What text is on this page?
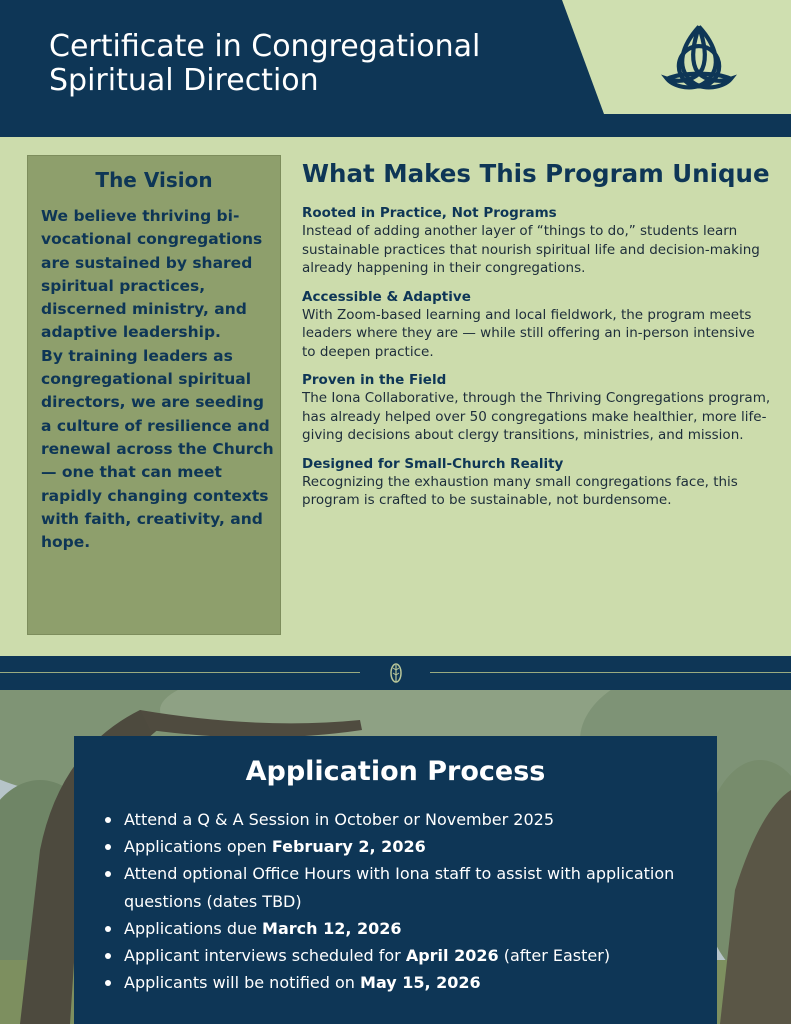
Certificate in Congregational Spiritual Direction
The Vision
We believe thriving bi-vocational congregations are sustained by shared spiritual practices, discerned ministry, and adaptive leadership.
By training leaders as congregational spiritual directors, we are seeding a culture of resilience and renewal across the Church — one that can meet rapidly changing contexts with faith, creativity, and hope.
What Makes This Program Unique
Rooted in Practice, Not Programs
Instead of adding another layer of “things to do,” students learn sustainable practices that nourish spiritual life and decision-making already happening in their congregations.
Accessible & Adaptive
With Zoom-based learning and local fieldwork, the program meets leaders where they are — while still offering an in-person intensive to deepen practice.
Proven in the Field
The Iona Collaborative, through the Thriving Congregations program, has already helped over 50 congregations make healthier, more life-giving decisions about clergy transitions, ministries, and mission.
Designed for Small-Church Reality
Recognizing the exhaustion many small congregations face, this program is crafted to be sustainable, not burdensome.
Application Process
Attend a Q & A Session in October or November 2025
Applications open February 2, 2026
Attend optional Office Hours with Iona staff to assist with application questions (dates TBD)
Applications due March 12, 2026
Applicant interviews scheduled for April 2026 (after Easter)
Applicants will be notified on May 15, 2026
